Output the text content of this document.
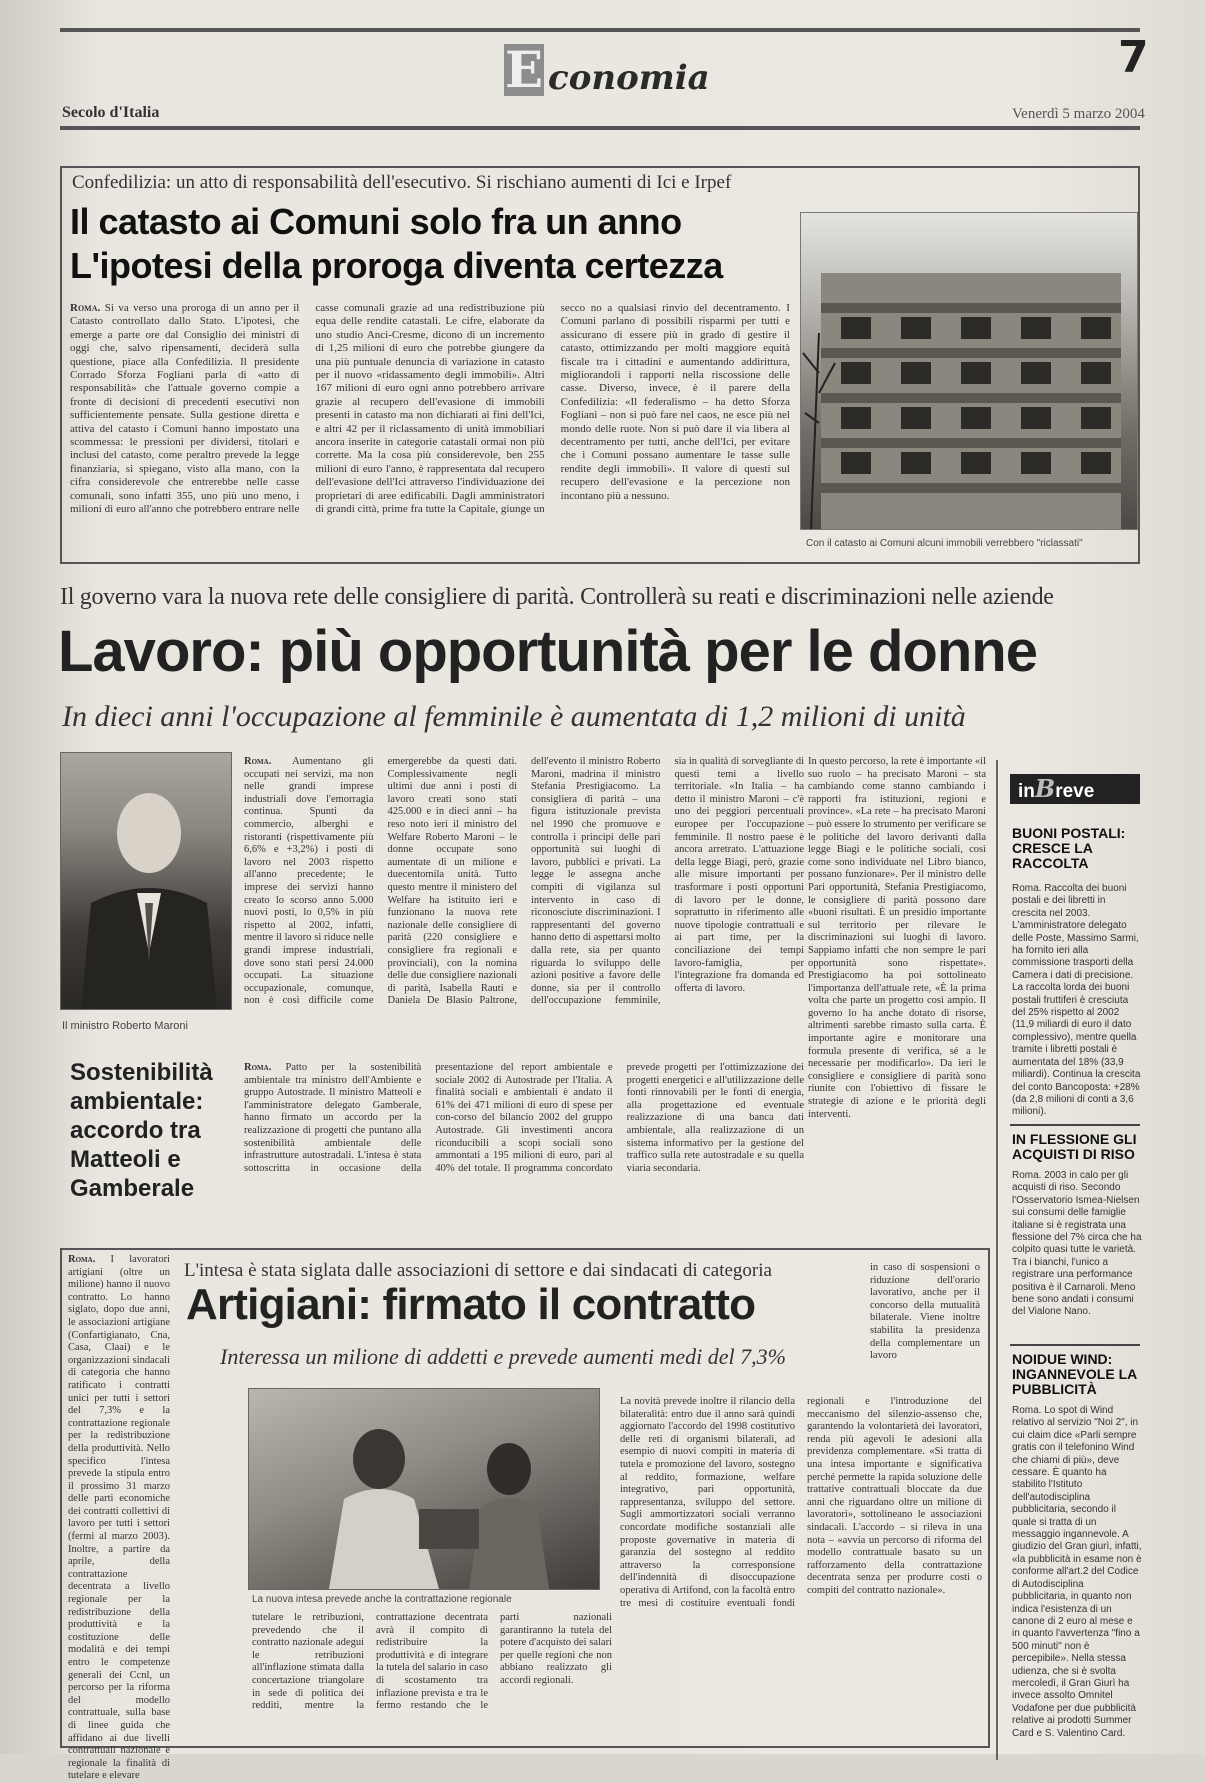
7
E conomia
Secolo d'Italia	Venerdì 5 marzo 2004
Confedilizia: un atto di responsabilità dell'esecutivo. Si rischiano aumenti di Ici e Irpef
Il catasto ai Comuni solo fra un anno
L'ipotesi della proroga diventa certezza
Roma. Si va verso una proroga di un anno per il Catasto controllato dallo Stato. L'ipotesi, che emerge a parte ore dal Consiglio dei ministri di oggi che, salvo ripensamenti, deciderà sulla questione, piace alla Confedilizia. Il presidente Corrado Sforza Fogliani parla di «atto di responsabilità» che l'attuale governo compie a fronte di decisioni di precedenti esecutivi non sufficientemente pensate. Sulla gestione diretta e attiva del catasto i Comuni hanno impostato una scommessa: le pressioni per dividersi, titolari e inclusi del catasto, come peraltro prevede la legge finanziaria, si spiegano, visto alla mano, con la cifra considerevole che entrerebbe nelle casse comunali, sono infatti 355, uno più uno meno, i milioni di euro all'anno che potrebbero entrare nelle casse comunali grazie ad una redistribuzione più equa delle rendite catastali. Le cifre, elaborate da uno studio Anci-Cresme, dicono di un incremento di 1,25 milioni di euro che potrebbe giungere da una più puntuale denuncia di variazione in catasto per il nuovo «ridassamento degli immobili». Altri 167 milioni di euro ogni anno potrebbero arrivare grazie al recupero dell'evasione di immobili presenti in catasto ma non dichiarati ai fini dell'Ici, e altri 42 per il riclassamento di unità immobiliari ancora inserite in categorie catastali ormai non più corrette. Ma la cosa più considerevole, ben 255 milioni di euro l'anno, è rappresentata dal recupero dell'evasione dell'Ici attraverso l'individuazione dei proprietari di aree edificabili. Dagli amministratori di grandi città, prime fra tutte la Capitale, giunge un secco no a qualsiasi rinvio del decentramento. I Comuni parlano di possibili risparmi per tutti e assicurano di essere più in grado di gestire il catasto, ottimizzando per molti maggiore equità fiscale tra i cittadini e aumentando addirittura, migliorandoli i rapporti nella riscossione delle casse. Diverso, invece, è il parere della Confedilizia: «Il federalismo – ha detto Sforza Fogliani – non si può fare nel caos, ne esce più nel mondo delle ruote. Non si può dare il via libera al decentramento per tutti, anche dell'Ici, per evitare che i Comuni possano aumentare le tasse sulle rendite degli immobili». Il valore di questi sul recupero dell'evasione e la percezione non incontano più a nessuno.
Con il catasto ai Comuni alcuni immobili verrebbero "riclassati"
Il governo vara la nuova rete delle consigliere di parità. Controllerà su reati e discriminazioni nelle aziende
Lavoro: più opportunità per le donne
In dieci anni l'occupazione al femminile è aumentata di 1,2 milioni di unità
Il ministro Roberto Maroni
Roma. Aumentano gli occupati nei servizi, ma non nelle grandi imprese industriali dove l'emorragia continua. Spunti da commercio, alberghi e ristoranti (rispettivamente più 6,6% e +3,2%) i posti di lavoro nel 2003 rispetto all'anno precedente; le imprese dei servizi hanno creato lo scorso anno 5.000 nuovi posti, lo 0,5% in più rispetto al 2002, infatti, mentre il lavoro si riduce nelle grandi imprese industriali, dove sono stati persi 24.000 occupati. La situazione occupazionale, comunque, non è così difficile come emergerebbe da questi dati. Complessivamente negli ultimi due anni i posti di lavoro creati sono stati 425.000 e in dieci anni – ha reso noto ieri il ministro del Welfare Roberto Maroni – le donne occupate sono aumentate di un milione e duecentomila unità. Tutto questo mentre il ministero del Welfare ha istituito ieri e funzionano la nuova rete nazionale delle consigliere di parità (220 consigliere e consigliere fra regionali e provinciali), con la nomina delle due consigliere nazionali di parità, Isabella Rauti e Daniela De Blasio Paltrone, dell'evento il ministro Roberto Maroni, madrina il ministro Stefania Prestigiacomo. La consigliera di parità – una figura istituzionale prevista nel 1990 che promuove e controlla i principi delle pari opportunità sui luoghi di lavoro, pubblici e privati. La legge le assegna anche compiti di vigilanza sul intervento in caso di riconosciute discriminazioni. I rappresentanti del governo hanno detto di aspettarsi molto dalla rete, sia per quanto riguarda lo sviluppo delle azioni positive a favore delle donne, sia per il controllo dell'occupazione femminile, sia in qualità di sorvegliante di questi temi a livello territoriale. «In Italia – ha detto il ministro Maroni – c'è uno dei peggiori percentuali europee per l'occupazione femminile. Il nostro paese è ancora arretrato. L'attuazione della legge Biagi, però, grazie alle misure importanti per trasformare i posti opportuni di lavoro per le donne, soprattutto in riferimento alle nuove tipologie contrattuali e ai part time, per la conciliazione dei tempi lavoro-famiglia, per l'integrazione fra domanda ed offerta di lavoro.
In questo percorso, la rete è importante «il suo ruolo – ha precisato Maroni – sta cambiando come stanno cambiando i rapporti fra istituzioni, regioni e province». «La rete – ha precisato Maroni – può essere lo strumento per verificare se le politiche del lavoro derivanti dalla legge Biagi e le politiche sociali, così come sono individuate nel Libro bianco, possano funzionare». Per il ministro delle Pari opportunità, Stefania Prestigiacomo, le consigliere di parità possono dare «buoni risultati. È un presidio importante sul territorio per rilevare le discriminazioni sui luoghi di lavoro. Sappiamo infatti che non sempre le pari opportunità sono rispettate». Prestigiacomo ha poi sottolineato l'importanza dell'attuale rete, «È la prima volta che parte un progetto così ampio. Il governo lo ha anche dotato di risorse, altrimenti sarebbe rimasto sulla carta. È importante agire e monitorare una formula presente di verifica, sé a le necessarie per modificarlo». Da ieri le consigliere e consigliere di parità sono riunite con l'obiettivo di fissare le strategie di azione e le priorità degli interventi.
Sostenibilità ambientale: accordo tra Matteoli e Gamberale
Roma. Patto per la sostenibilità ambientale tra ministro dell'Ambiente e gruppo Autostrade. Il ministro Matteoli e l'amministratore delegato Gamberale, hanno firmato un accordo per la realizzazione di progetti che puntano alla sostenibilità ambientale delle infrastrutture autostradali. L'intesa è stata sottoscritta in occasione della presentazione del report ambientale e sociale 2002 di Autostrade per l'Italia. A finalità sociali e ambientali è andato il 61% dei 471 milioni di euro di spese per con-corso del bilancio 2002 del gruppo Autostrade. Gli investimenti ancora riconducibili a scopi sociali sono ammontati a 195 milioni di euro, pari al 40% del totale. Il programma concordato prevede progetti per l'ottimizzazione dei progetti energetici e all'utilizzazione delle fonti rinnovabili per le fonti di energia, alla progettazione ed eventuale realizzazione di una banca dati ambientale, alla realizzazione di un sistema informativo per la gestione del traffico sulla rete autostradale e su quella viaria secondaria.
inBreve
BUONI POSTALI: CRESCE LA RACCOLTA
Roma. Raccolta dei buoni postali e dei libretti in crescita nel 2003. L'amministratore delegato delle Poste, Massimo Sarmi, ha fornito ieri alla commissione trasporti della Camera i dati di precisione. La raccolta lorda dei buoni postali fruttiferi è cresciuta del 25% rispetto al 2002 (11,9 miliardi di euro il dato complessivo), mentre quella tramite i libretti postali è aumentata del 18% (33,9 miliardi). Continua la crescita del conto Bancoposta: +28% (da 2,8 milioni di conti a 3,6 milioni).
IN FLESSIONE GLI ACQUISTI DI RISO
Roma. 2003 in calo per gli acquisti di riso. Secondo l'Osservatorio Ismea-Nielsen sui consumi delle famiglie italiane si è registrata una flessione del 7% circa che ha colpito quasi tutte le varietà. Tra i bianchi, l'unico a registrare una performance positiva è il Carnaroli. Meno bene sono andati i consumi del Vialone Nano.
NOIDUE WIND: INGANNEVOLE LA PUBBLICITÀ
Roma. Lo spot di Wind relativo al servizio "Noi 2", in cui claim dice «Parli sempre gratis con il telefonino Wind che chiami di più», deve cessare. È quanto ha stabilito l'Istituto dell'autodisciplina pubblicitaria, secondo il quale si tratta di un messaggio ingannevole. A giudizio del Gran giurì, infatti, «la pubblicità in esame non è conforme all'art.2 del Codice di Autodisciplina pubblicitaria, in quanto non indica l'esistenza di un canone di 2 euro al mese e in quanto l'avvertenza "fino a 500 minuti" non è percepibile». Nella stessa udienza, che si è svolta mercoledì, il Gran Giurì ha invece assolto Omnitel Vodafone per due pubblicità relative ai prodotti Summer Card e S. Valentino Card.
Roma. I lavoratori artigiani (oltre un milione) hanno il nuovo contratto. Lo hanno siglato, dopo due anni, le associazioni artigiane (Confartigianato, Cna, Casa, Claai) e le organizzazioni sindacali di categoria che hanno ratificato i contratti unici per tutti i settori del 7,3% e la contrattazione regionale per la redistribuzione della produttività. Nello specifico l'intesa prevede la stipula entro il prossimo 31 marzo delle parti economiche dei contratti collettivi di lavoro per tutti i settori (fermi al marzo 2003). Inoltre, a partire da aprile, della contrattazione decentrata a livello regionale per la redistribuzione della produttività e la costituzione delle modalità e dei tempi entro le competenze generali dei Ccnl, un percorso per la riforma del modello contrattuale, sulla base di linee guida che affidano ai due livelli contrattuali nazionale e regionale la finalità di tutelare e elevare
L'intesa è stata siglata dalle associazioni di settore e dai sindacati di categoria
Artigiani: firmato il contratto
Interessa un milione di addetti e prevede aumenti medi del 7,3%
in caso di sospensioni o riduzione dell'orario lavorativo, anche per il concorso della mutualità bilaterale. Viene inoltre stabilita la presidenza della complementare un lavoro
La nuova intesa prevede anche la contrattazione regionale
tutelare le retribuzioni, prevedendo che il contratto nazionale adegui le retribuzioni all'inflazione stimata dalla concertazione triangolare in sede di politica dei redditi, mentre la contrattazione decentrata avrà il compito di redistribuire la produttività e di integrare la tutela del salario in caso di scostamento tra inflazione prevista e tra le fermo restando che le parti nazionali garantiranno la tutela del potere d'acquisto dei salari per quelle regioni che non abbiano realizzato gli accordi regionali.
La novità prevede inoltre il rilancio della bilateralità: entro due il anno sarà quindi aggiornato l'accordo del 1998 costitutivo delle reti di organismi bilaterali, ad esempio di nuovi compiti in materia di tutela e promozione del lavoro, sostegno al reddito, formazione, welfare integrativo, pari opportunità, rappresentanza, sviluppo del settore. Sugli ammortizzatori sociali verranno concordate modifiche sostanziali alle proposte governative in materia di garanzia del sostegno al reddito attraverso la corresponsione dell'indennità di disoccupazione operativa di Artifond, con la facoltà entro tre mesi di costituire eventuali fondi regionali e l'introduzione del meccanismo del silenzio-assenso che, garantendo la volontarietà dei lavoratori, renda più agevoli le adesioni alla previdenza complementare. «Si tratta di una intesa importante e significativa perché permette la rapida soluzione delle trattative contrattuali bloccate da due anni che riguardano oltre un milione di lavoratori», sottolineano le associazioni sindacali. L'accordo – si rileva in una nota – «avvia un percorso di riforma del modello contrattuale basato su un rafforzamento della contrattazione decentrata senza per produrre costi o compiti del contratto nazionale».
